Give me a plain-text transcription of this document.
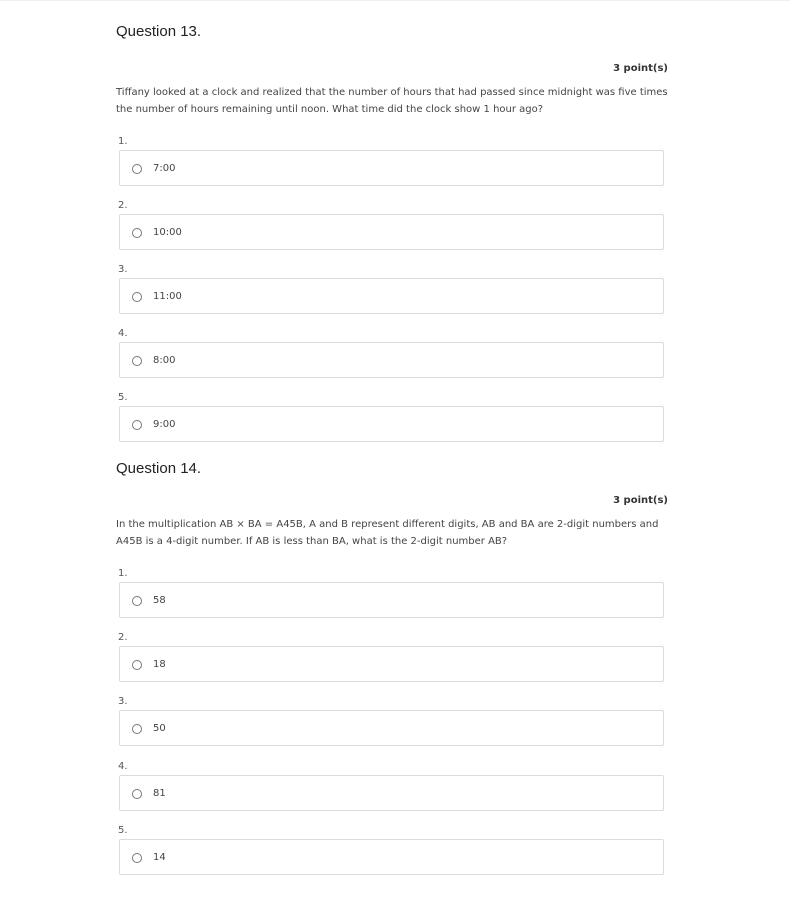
Question 13.
3 point(s)
Tiffany looked at a clock and realized that the number of hours that had passed since midnight was five times the number of hours remaining until noon. What time did the clock show 1 hour ago?
1.
7:00
2.
10:00
3.
11:00
4.
8:00
5.
9:00
Question 14.
3 point(s)
In the multiplication AB × BA = A45B, A and B represent different digits, AB and BA are 2-digit numbers and A45B is a 4-digit number. If AB is less than BA, what is the 2-digit number AB?
1.
58
2.
18
3.
50
4.
81
5.
14
